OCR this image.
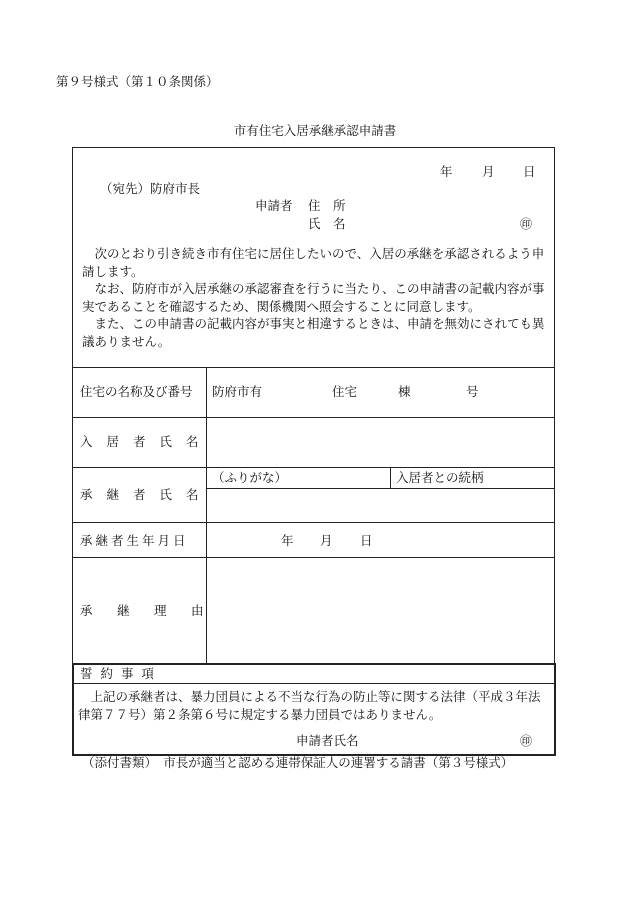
第９号様式（第１０条関係）
市有住宅入居承継承認申請書
年 月 日
（宛先）防府市長
申請者 住　所
氏　名	㊞

次のとおり引き続き市有住宅に居住したいので、入居の承継を承認されるよう申請します。

なお、防府市が入居承継の承認審査を行うに当たり、この申請書の記載内容が事実であることを確認するため、関係機関へ照会することに同意します。

また、この申請書の記載内容が事実と相違するときは、申請を無効にされても異議ありません。

住宅の名称及び番号 防府市有	住宅	棟	号
入 居 者 氏 名
承 継 者 氏 名
（ふりがな）	入居者との続柄
承継者生年月日	年 月 日
承　継　理　由
誓 約 事 項

上記の承継者は、暴力団員による不当な行為の防止等に関する法律（平成３年法律第７７号）第２条第６号に規定する暴力団員ではありません。

申請者氏名	㊞
（添付書類）　市長が適当と認める連帯保証人の連署する請書（第３号様式）
